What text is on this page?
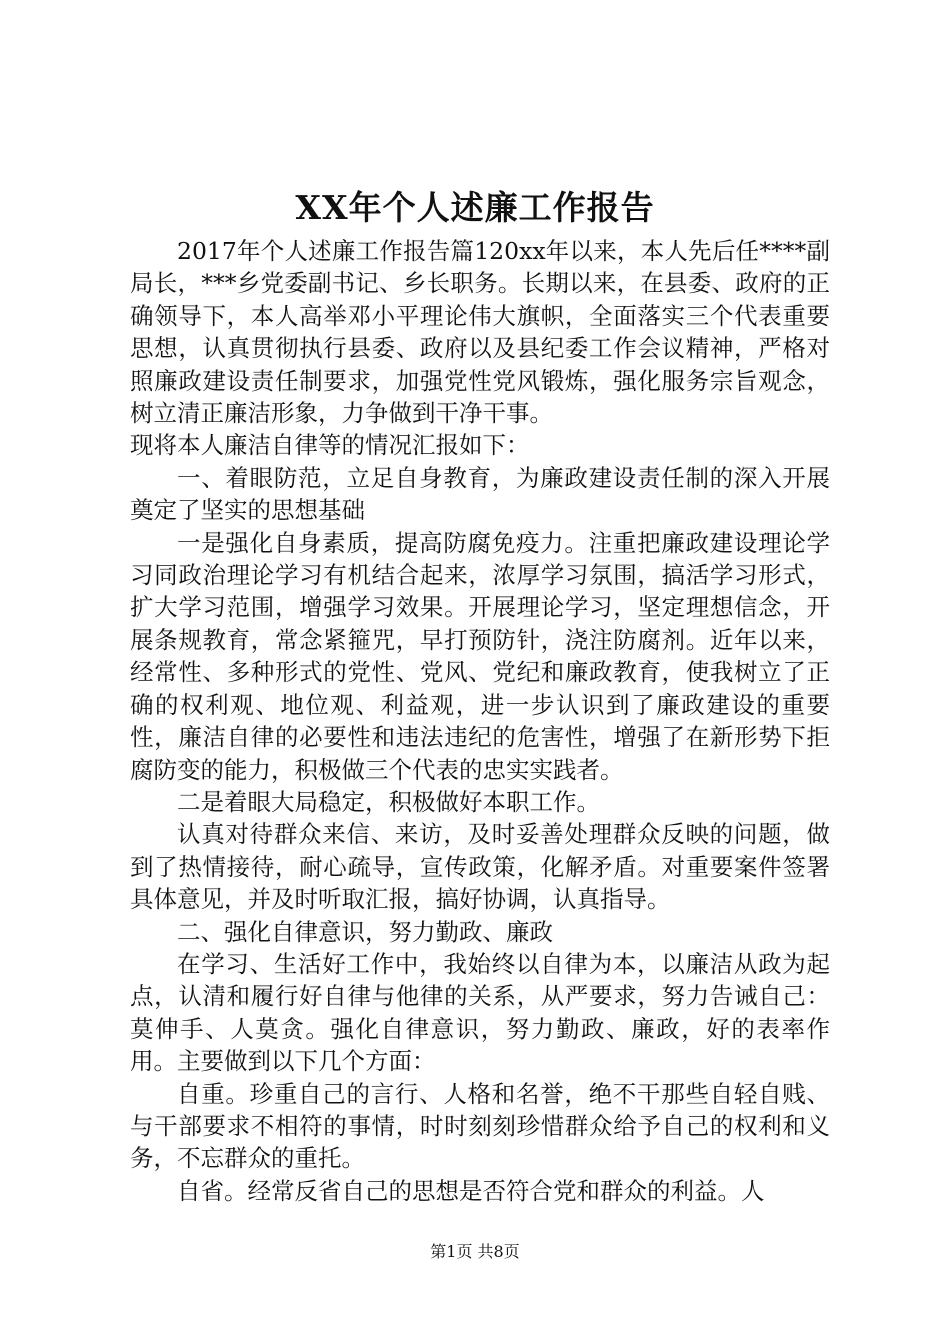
XX年个人述廉工作报告

2017年个人述廉工作报告篇120xx年以来，本人先后任****副局长，***乡党委副书记、乡长职务。长期以来，在县委、政府的正确领导下，本人高举邓小平理论伟大旗帜，全面落实三个代表重要思想，认真贯彻执行县委、政府以及县纪委工作会议精神，严格对照廉政建设责任制要求，加强党性党风锻炼，强化服务宗旨观念，树立清正廉洁形象，力争做到干净干事。

现将本人廉洁自律等的情况汇报如下：

一、着眼防范，立足自身教育，为廉政建设责任制的深入开展奠定了坚实的思想基础

一是强化自身素质，提高防腐免疫力。注重把廉政建设理论学习同政治理论学习有机结合起来，浓厚学习氛围，搞活学习形式，扩大学习范围，增强学习效果。开展理论学习，坚定理想信念，开展条规教育，常念紧箍咒，早打预防针，浇注防腐剂。近年以来，经常性、多种形式的党性、党风、党纪和廉政教育，使我树立了正确的权利观、地位观、利益观，进一步认识到了廉政建设的重要性，廉洁自律的必要性和违法违纪的危害性，增强了在新形势下拒腐防变的能力，积极做三个代表的忠实实践者。

二是着眼大局稳定，积极做好本职工作。

认真对待群众来信、来访，及时妥善处理群众反映的问题，做到了热情接待，耐心疏导，宣传政策，化解矛盾。对重要案件签署具体意见，并及时听取汇报，搞好协调，认真指导。

二、强化自律意识，努力勤政、廉政

在学习、生活好工作中，我始终以自律为本，以廉洁从政为起点，认清和履行好自律与他律的关系，从严要求，努力告诫自己：莫伸手、人莫贪。强化自律意识，努力勤政、廉政，好的表率作用。主要做到以下几个方面：

自重。珍重自己的言行、人格和名誉，绝不干那些自轻自贱、与干部要求不相符的事情，时时刻刻珍惜群众给予自己的权利和义务，不忘群众的重托。

自省。经常反省自己的思想是否符合党和群众的利益。人

第1页 共8页
